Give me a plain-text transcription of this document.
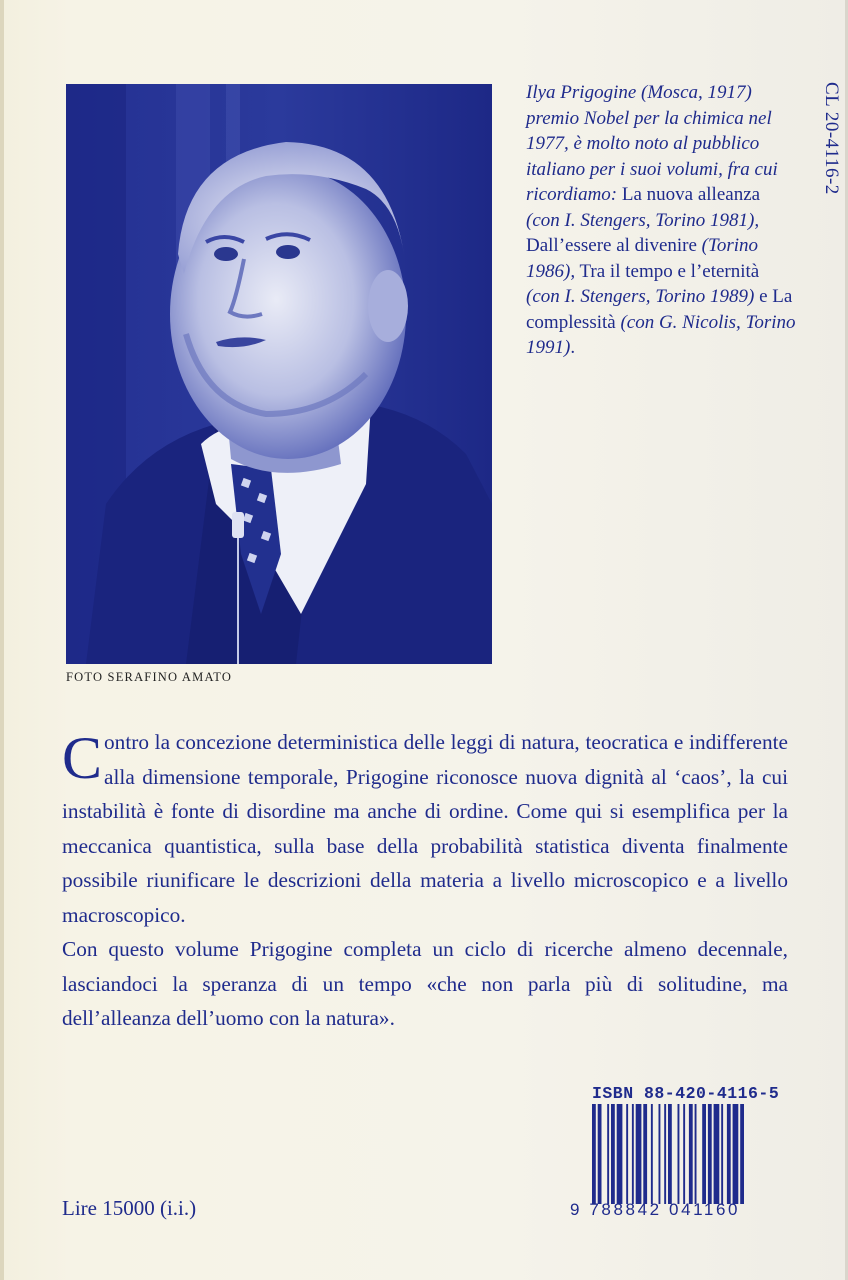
FOTO SERAFINO AMATO

Ilya Prigogine (Mosca, 1917) premio Nobel per la chimica nel 1977, è molto noto al pubblico italiano per i suoi volumi, fra cui ricordiamo: La nuova alleanza (con I. Stengers, Torino 1981), Dall’essere al divenire (Torino 1986), Tra il tempo e l’eternità (con I. Stengers, Torino 1989) e La complessità (con G. Nicolis, Torino 1991).

CL 20-4116-2

Contro la concezione deterministica delle leggi di natura, teocratica e indifferente alla dimensione temporale, Prigogine riconosce nuova dignità al ‘caos’, la cui instabilità è fonte di disordine ma anche di ordine. Come qui si esemplifica per la meccanica quantistica, sulla base della probabilità statistica diventa finalmente possibile riunificare le descrizioni della materia a livello microscopico e a livello macroscopico.

Con questo volume Prigogine completa un ciclo di ricerche almeno decennale, lasciandoci la speranza di un tempo «che non parla più di solitudine, ma dell’alleanza dell’uomo con la natura».

ISBN 88-420-4116-5
9 788842 041160
Lire 15000 (i.i.)
